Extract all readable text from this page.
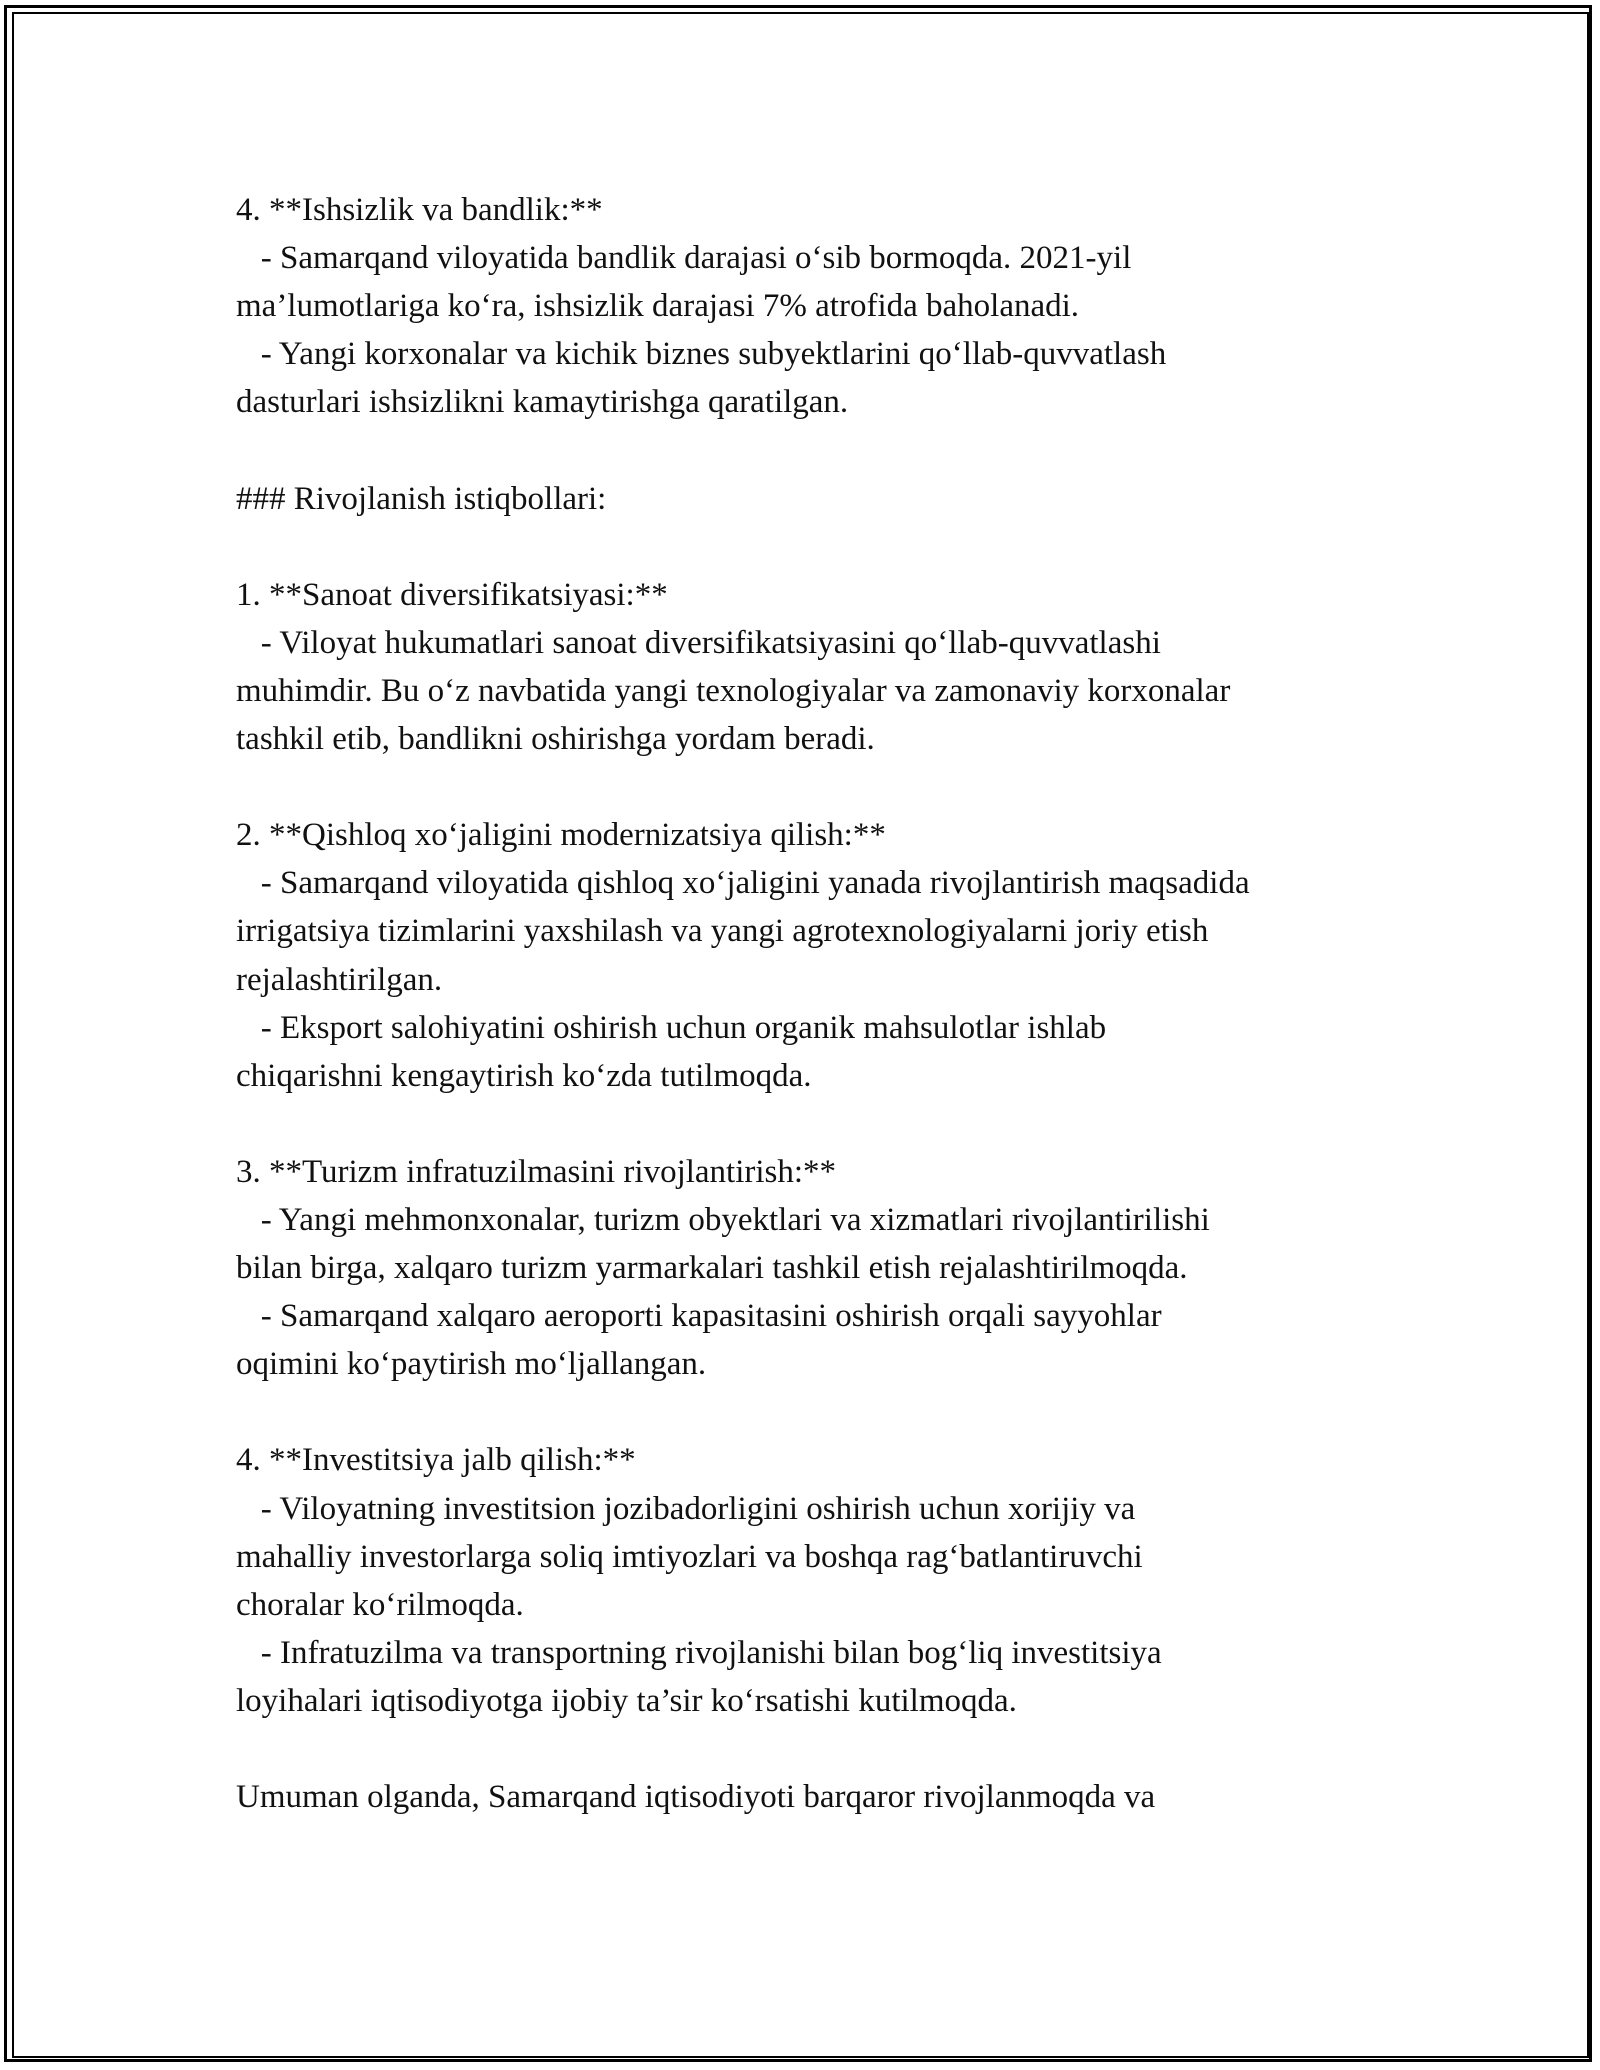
4. **Ishsizlik va bandlik:**
- Samarqand viloyatida bandlik darajasi o‘sib bormoqda. 2021-yil
ma’lumotlariga ko‘ra, ishsizlik darajasi 7% atrofida baholanadi.
- Yangi korxonalar va kichik biznes subyektlarini qo‘llab-quvvatlash
dasturlari ishsizlikni kamaytirishga qaratilgan.
### Rivojlanish istiqbollari:
1. **Sanoat diversifikatsiyasi:**
- Viloyat hukumatlari sanoat diversifikatsiyasini qo‘llab-quvvatlashi
muhimdir. Bu o‘z navbatida yangi texnologiyalar va zamonaviy korxonalar
tashkil etib, bandlikni oshirishga yordam beradi.
2. **Qishloq xo‘jaligini modernizatsiya qilish:**
- Samarqand viloyatida qishloq xo‘jaligini yanada rivojlantirish maqsadida
irrigatsiya tizimlarini yaxshilash va yangi agrotexnologiyalarni joriy etish
rejalashtirilgan.
- Eksport salohiyatini oshirish uchun organik mahsulotlar ishlab
chiqarishni kengaytirish ko‘zda tutilmoqda.
3. **Turizm infratuzilmasini rivojlantirish:**
- Yangi mehmonxonalar, turizm obyektlari va xizmatlari rivojlantirilishi
bilan birga, xalqaro turizm yarmarkalari tashkil etish rejalashtirilmoqda.
- Samarqand xalqaro aeroporti kapasitasini oshirish orqali sayyohlar
oqimini ko‘paytirish mo‘ljallangan.
4. **Investitsiya jalb qilish:**
- Viloyatning investitsion jozibadorligini oshirish uchun xorijiy va
mahalliy investorlarga soliq imtiyozlari va boshqa rag‘batlantiruvchi
choralar ko‘rilmoqda.
- Infratuzilma va transportning rivojlanishi bilan bog‘liq investitsiya
loyihalari iqtisodiyotga ijobiy ta’sir ko‘rsatishi kutilmoqda.
Umuman olganda, Samarqand iqtisodiyoti barqaror rivojlanmoqda va
